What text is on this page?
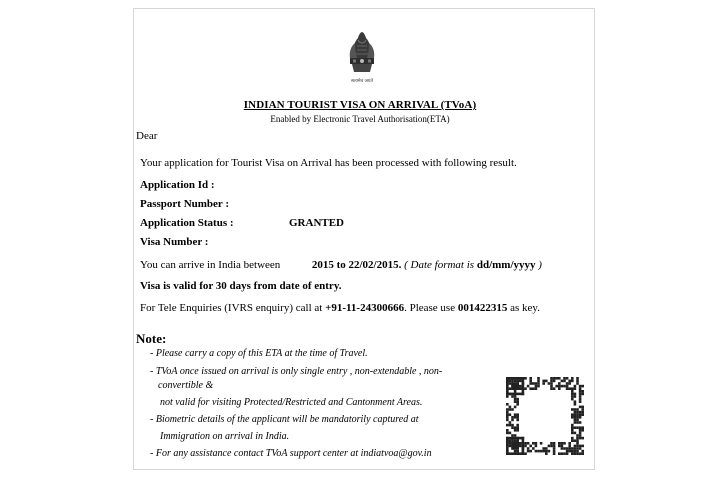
सत्यमेव जयते
INDIAN TOURIST VISA ON ARRIVAL (TVoA)
Enabled by Electronic Travel Authorisation(ETA)
Dear
Your application for Tourist Visa on Arrival has been processed with following result.
Application Id :
Passport Number :
Application Status :	GRANTED
Visa Number :
You can arrive in India between	2015 to 22/02/2015. ( Date format is dd/mm/yyyy )
Visa is valid for 30 days from date of entry.
For Tele Enquiries (IVRS enquiry) call at +91-11-24300666. Please use 001422315 as key.
Note:
- Please carry a copy of this ETA at the time of Travel.
- TVoA once issued on arrival is only single entry , non-extendable , non-
convertible &
not valid for visiting Protected/Restricted and Cantonment Areas.
- Biometric details of the applicant will be mandatorily captured at
Immigration on arrival in India.
- For any assistance contact TVoA support center at indiatvoa@gov.in
